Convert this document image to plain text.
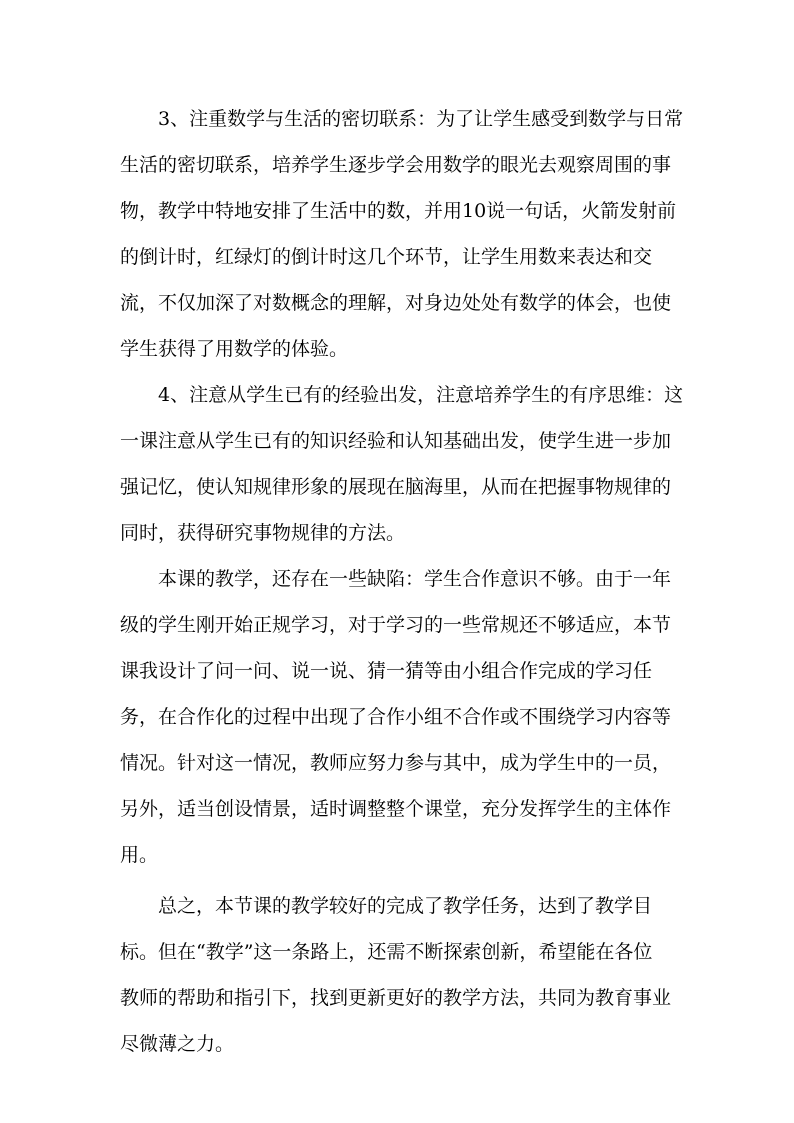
3、注重数学与生活的密切联系：为了让学生感受到数学与日常
生活的密切联系，培养学生逐步学会用数学的眼光去观察周围的事
物，教学中特地安排了生活中的数，并用10说一句话，火箭发射前
的倒计时，红绿灯的倒计时这几个环节，让学生用数来表达和交
流，不仅加深了对数概念的理解，对身边处处有数学的体会，也使
学生获得了用数学的体验。
4、注意从学生已有的经验出发，注意培养学生的有序思维：这
一课注意从学生已有的知识经验和认知基础出发，使学生进一步加
强记忆，使认知规律形象的展现在脑海里，从而在把握事物规律的
同时，获得研究事物规律的方法。
本课的教学，还存在一些缺陷：学生合作意识不够。由于一年
级的学生刚开始正规学习，对于学习的一些常规还不够适应，本节
课我设计了问一问、说一说、猜一猜等由小组合作完成的学习任
务，在合作化的过程中出现了合作小组不合作或不围绕学习内容等
情况。针对这一情况，教师应努力参与其中，成为学生中的一员，
另外，适当创设情景，适时调整整个课堂，充分发挥学生的主体作
用。
总之，本节课的教学较好的完成了教学任务，达到了教学目
标。但在“教学”这一条路上，还需不断探索创新，希望能在各位
教师的帮助和指引下，找到更新更好的教学方法，共同为教育事业
尽微薄之力。
